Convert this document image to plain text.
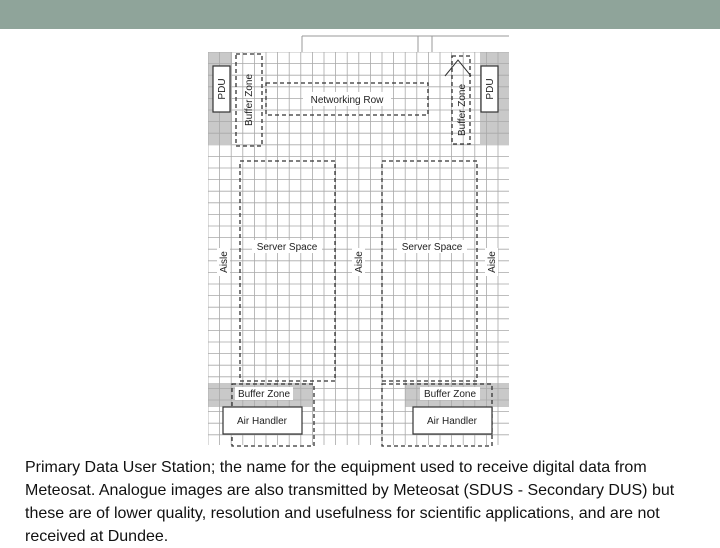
PDU	PDU
Buffer Zone	Buffer Zone
Networking Row
Server Space	Server Space
Aisle	Aisle	Aisle
Buffer Zone	Buffer Zone
Air Handler	Air Handler

Primary Data User Station; the name for the equipment used to receive digital data from Meteosat. Analogue images are also transmitted by Meteosat (SDUS - Secondary DUS) but these are of lower quality, resolution and usefulness for scientific applications, and are not received at Dundee.
